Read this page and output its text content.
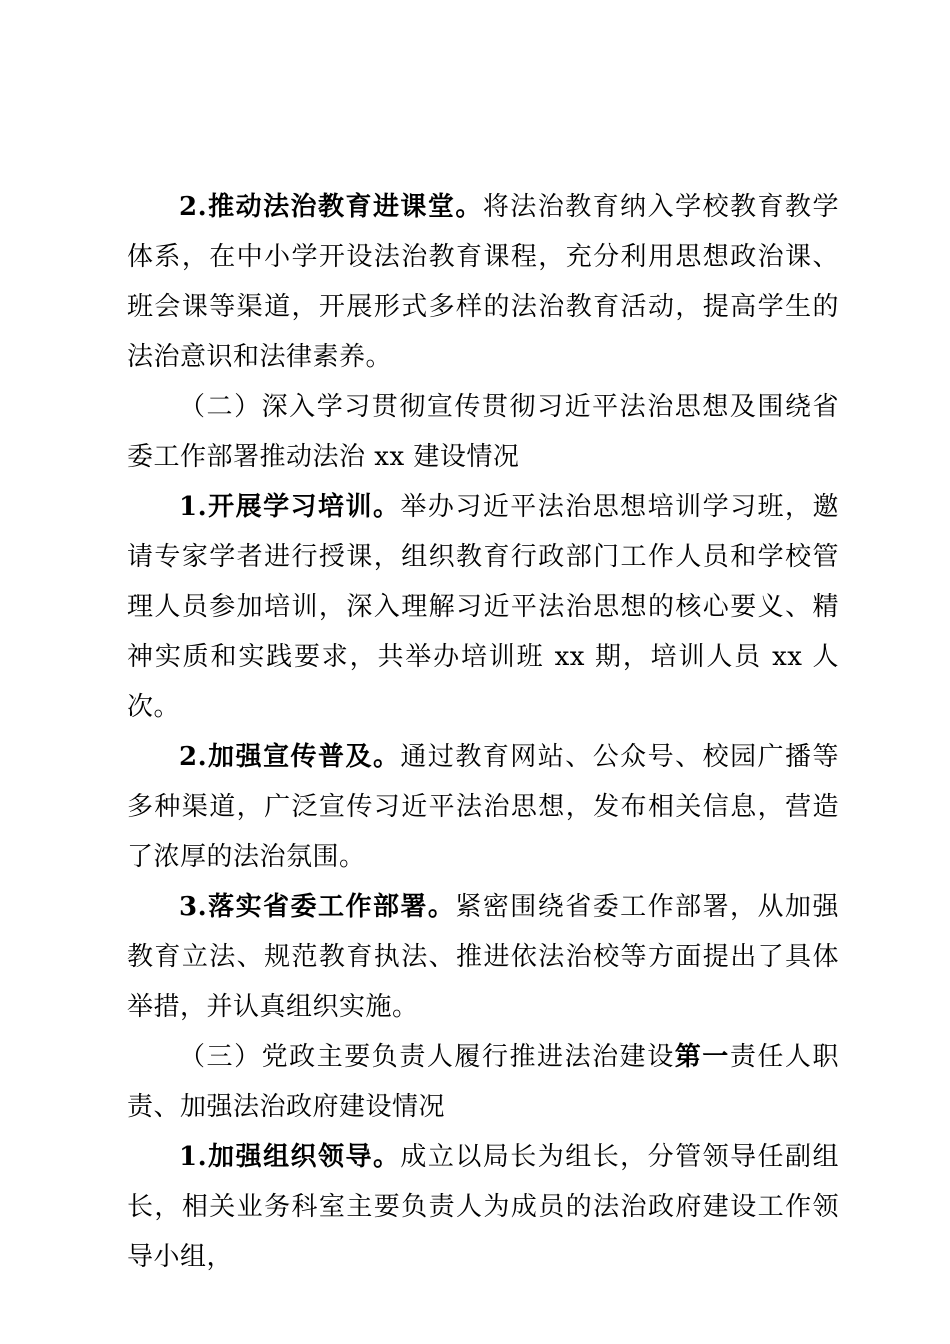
2.推动法治教育进课堂。将法治教育纳入学校教育教学体系，在中小学开设法治教育课程，充分利用思想政治课、班会课等渠道，开展形式多样的法治教育活动，提高学生的法治意识和法律素养。

（二）深入学习贯彻宣传贯彻习近平法治思想及围绕省委工作部署推动法治 xx 建设情况

1.开展学习培训。举办习近平法治思想培训学习班，邀请专家学者进行授课，组织教育行政部门工作人员和学校管理人员参加培训，深入理解习近平法治思想的核心要义、精神实质和实践要求，共举办培训班 xx 期，培训人员 xx 人次。

2.加强宣传普及。通过教育网站、公众号、校园广播等多种渠道，广泛宣传习近平法治思想，发布相关信息，营造了浓厚的法治氛围。

3.落实省委工作部署。紧密围绕省委工作部署，从加强教育立法、规范教育执法、推进依法治校等方面提出了具体举措，并认真组织实施。

（三）党政主要负责人履行推进法治建设第一责任人职责、加强法治政府建设情况

1.加强组织领导。成立以局长为组长，分管领导任副组长，相关业务科室主要负责人为成员的法治政府建设工作领导小组，
